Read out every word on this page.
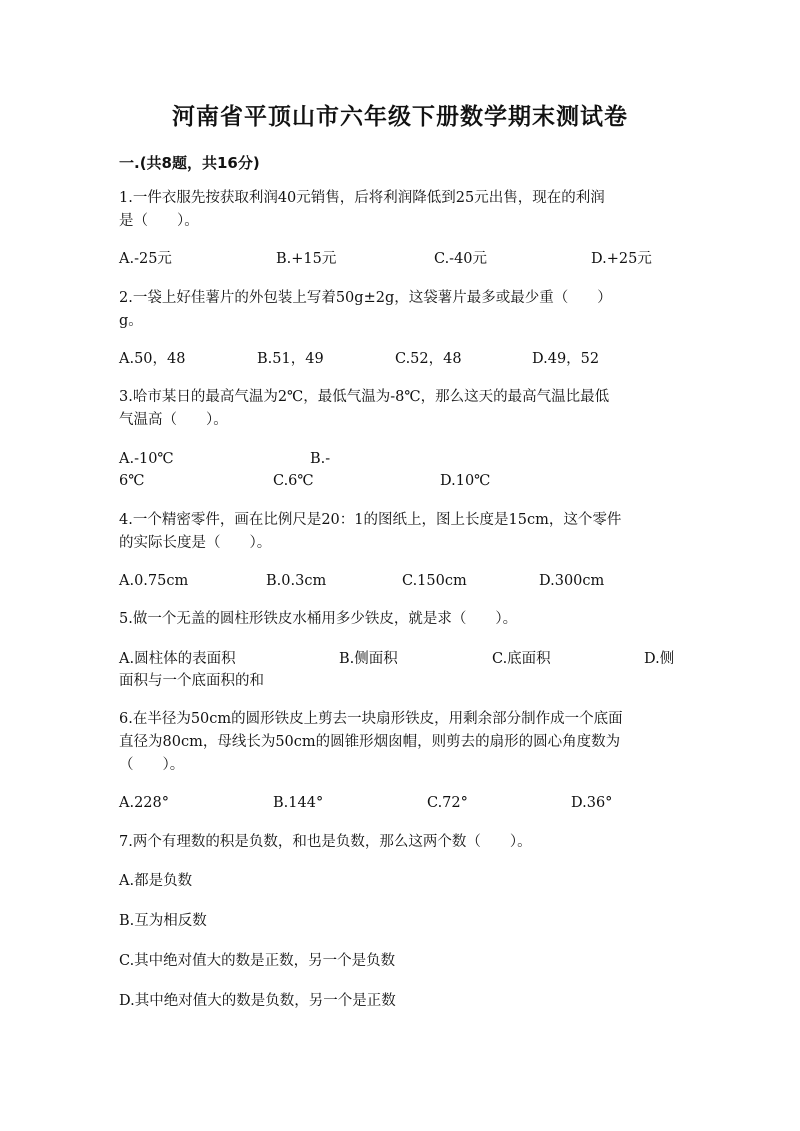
河南省平顶山市六年级下册数学期末测试卷
一.(共8题，共16分)
1.一件衣服先按获取利润40元销售，后将利润降低到25元出售，现在的利润
是（　　）。
A.-25元	B.+15元	C.-40元	D.+25元
2.一袋上好佳薯片的外包装上写着50g±2g，这袋薯片最多或最少重（　　）
g。
A.50，48	B.51，49	C.52，48	D.49，52
3.哈市某日的最高气温为2℃，最低气温为-8℃，那么这天的最高气温比最低
气温高（　　）。
A.-10℃	B.-
6℃	C.6℃	D.10℃
4.一个精密零件，画在比例尺是20：1的图纸上，图上长度是15cm，这个零件
的实际长度是（　　）。
A.0.75cm	B.0.3cm	C.150cm	D.300cm
5.做一个无盖的圆柱形铁皮水桶用多少铁皮，就是求（　　）。
A.圆柱体的表面积	B.侧面积	C.底面积	D.侧
面积与一个底面积的和
6.在半径为50cm的圆形铁皮上剪去一块扇形铁皮，用剩余部分制作成一个底面
直径为80cm，母线长为50cm的圆锥形烟囱帽，则剪去的扇形的圆心角度数为
（　　）。
A.228°	B.144°	C.72°	D.36°
7.两个有理数的积是负数，和也是负数，那么这两个数（　　）。
A.都是负数
B.互为相反数
C.其中绝对值大的数是正数，另一个是负数
D.其中绝对值大的数是负数，另一个是正数
